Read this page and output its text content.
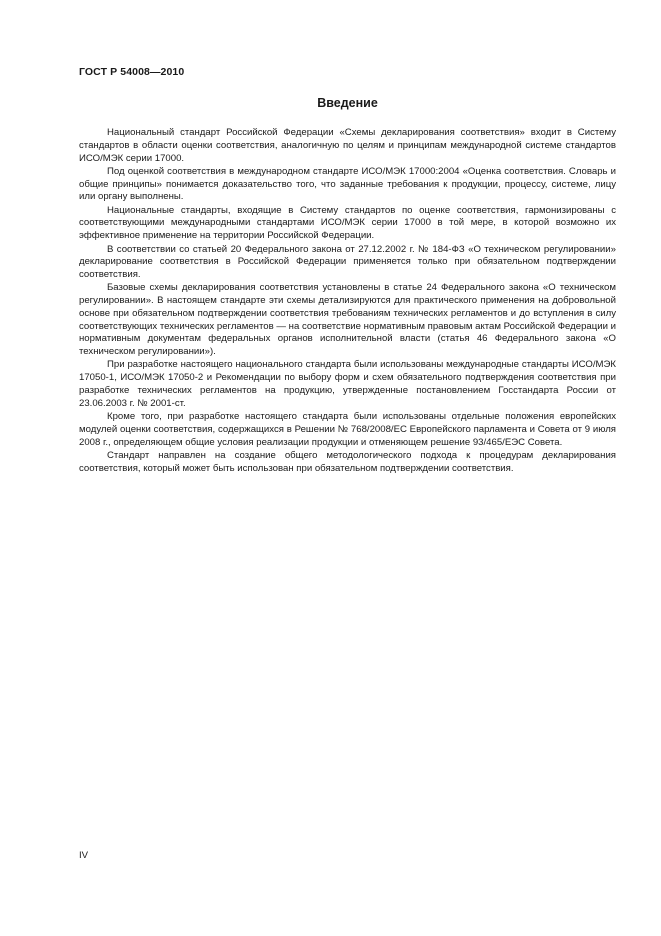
ГОСТ Р 54008—2010
Введение

Национальный стандарт Российской Федерации «Схемы декларирования соответствия» входит в Систему стандартов в области оценки соответствия, аналогичную по целям и принципам международной системе стандартов ИСО/МЭК серии 17000.

Под оценкой соответствия в международном стандарте ИСО/МЭК 17000:2004 «Оценка соответствия. Словарь и общие принципы» понимается доказательство того, что заданные требования к продукции, процессу, системе, лицу или органу выполнены.

Национальные стандарты, входящие в Систему стандартов по оценке соответствия, гармонизированы с соответствующими международными стандартами ИСО/МЭК серии 17000 в той мере, в которой возможно их эффективное применение на территории Российской Федерации.

В соответствии со статьей 20 Федерального закона от 27.12.2002 г. № 184-ФЗ «О техническом регулировании» декларирование соответствия в Российской Федерации применяется только при обязательном подтверждении соответствия.

Базовые схемы декларирования соответствия установлены в статье 24 Федерального закона «О техническом регулировании». В настоящем стандарте эти схемы детализируются для практического применения на добровольной основе при обязательном подтверждении соответствия требованиям технических регламентов и до вступления в силу соответствующих технических регламентов — на соответствие нормативным правовым актам Российской Федерации и нормативным документам федеральных органов исполнительной власти (статья 46 Федерального закона «О техническом регулировании»).

При разработке настоящего национального стандарта были использованы международные стандарты ИСО/МЭК 17050-1, ИСО/МЭК 17050-2 и Рекомендации по выбору форм и схем обязательного подтверждения соответствия при разработке технических регламентов на продукцию, утвержденные постановлением Госстандарта России от 23.06.2003 г. № 2001-ст.

Кроме того, при разработке настоящего стандарта были использованы отдельные положения европейских модулей оценки соответствия, содержащихся в Решении № 768/2008/ЕС Европейского парламента и Совета от 9 июля 2008 г., определяющем общие условия реализации продукции и отменяющем решение 93/465/ЕЭС Совета.

Стандарт направлен на создание общего методологического подхода к процедурам декларирования соответствия, который может быть использован при обязательном подтверждении соответствия.

IV
